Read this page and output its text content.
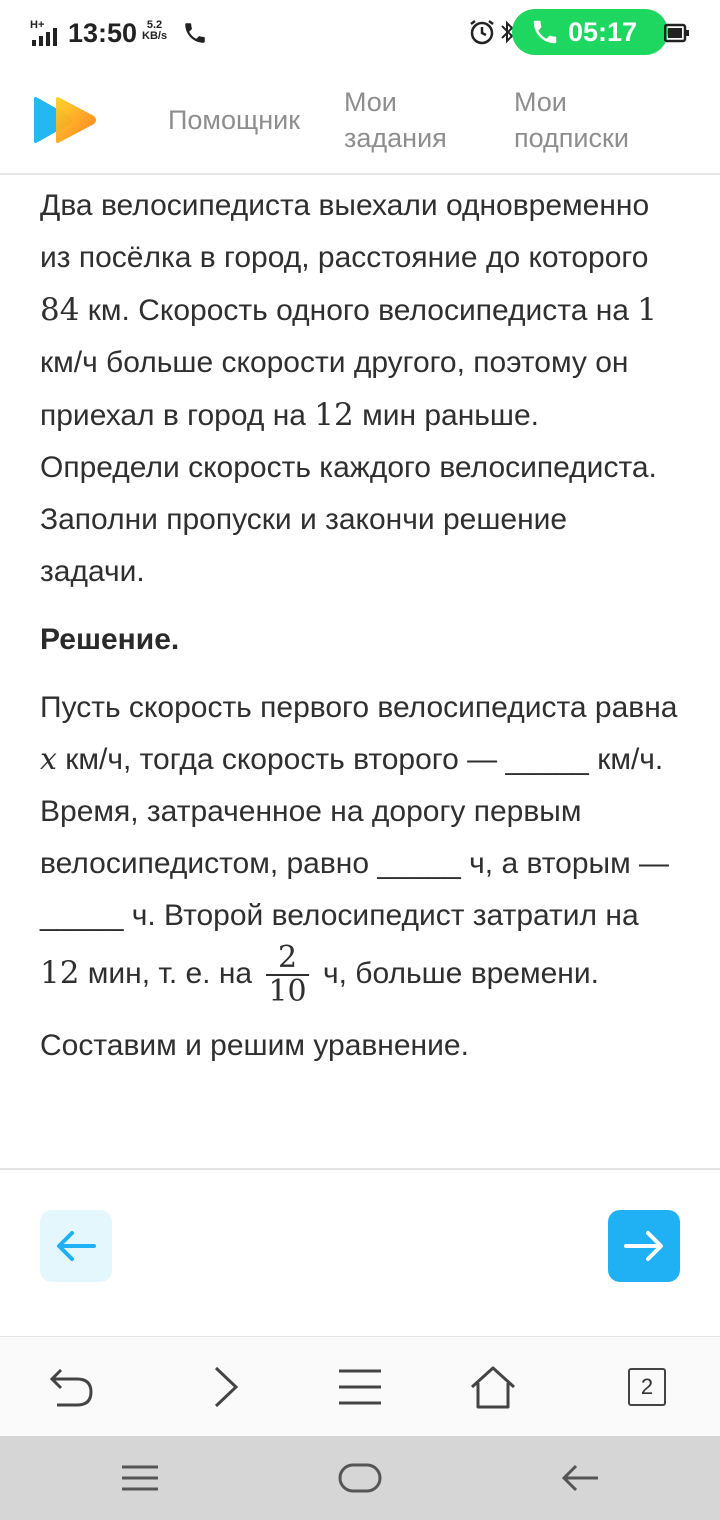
H+ 13:50 5.2
KB/s	05:17
Помощник
Мои задания
Мои подписки

Два велосипедиста выехали одновременно из посёлка в город, расстояние до которого 84 км. Скорость одного велосипедиста на 1 км/ч больше скорости другого, поэтому он приехал в город на 12 мин раньше. Определи скорость каждого велосипедиста. Заполни пропуски и закончи решение задачи.

Решение.

Пусть скорость первого велосипедиста равна x км/ч, тогда скорость второго — _____ км/ч. Время, затраченное на дорогу первым велосипедистом, равно _____ ч, а вторым — _____ ч. Второй велосипедист затратил на 12 мин, т. е. на $\frac{2}{10} ч$, больше времени.

Составим и решим уравнение.

2
